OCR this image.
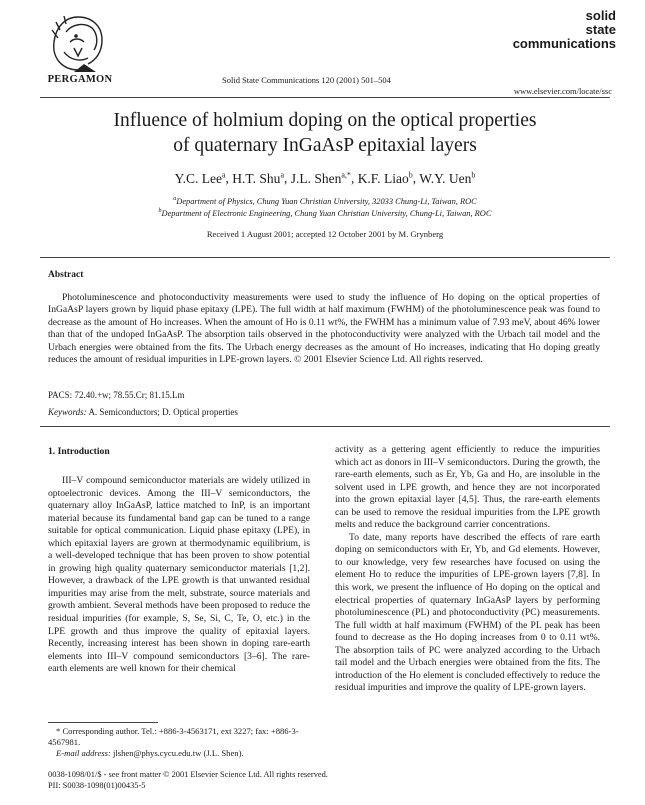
PERGAMON	Solid State Communications 120 (2001) 501–504
solid
state
communications
www.elsevier.com/locate/ssc
Influence of holmium doping on the optical properties
of quaternary InGaAsP epitaxial layers
Y.C. Lee$^a$, H.T. Shu$^a$, J.L. Shen$^{a,*}$, K.F. Liao$^b$, W.Y. Uen$^b$
$^a$Department of Physics, Chung Yuan Christian University, 32033 Chung-Li, Taiwan, ROC
$^b$Department of Electronic Engineering, Chung Yuan Christian University, Chung-Li, Taiwan, ROC
Received 1 August 2001; accepted 12 October 2001 by M. Grynberg
Abstract
Photoluminescence and photoconductivity measurements were used to study the influence of Ho doping on the optical properties of InGaAsP layers grown by liquid phase epitaxy (LPE). The full width at half maximum (FWHM) of the photoluminescence peak was found to decrease as the amount of Ho increases. When the amount of Ho is 0.11 wt%, the FWHM has a minimum value of 7.93 meV, about 46% lower than that of the undoped InGaAsP. The absorption tails observed in the photoconductivity were analyzed with the Urbach tail model and the Urbach energies were obtained from the fits. The Urbach energy decreases as the amount of Ho increases, indicating that Ho doping greatly reduces the amount of residual impurities in LPE-grown layers. © 2001 Elsevier Science Ltd. All rights reserved.
PACS: 72.40.+w; 78.55.Cr; 81.15.Lm
Keywords: A. Semiconductors; D. Optical properties
1. Introduction

III–V compound semiconductor materials are widely utilized in optoelectronic devices. Among the III–V semiconductors, the quaternary alloy InGaAsP, lattice matched to InP, is an important material because its fundamental band gap can be tuned to a range suitable for optical communication. Liquid phase epitaxy (LPE), in which epitaxial layers are grown at thermodynamic equilibrium, is a well-developed technique that has been proven to show potential in growing high quality quaternary semiconductor materials [1,2]. However, a drawback of the LPE growth is that unwanted residual impurities may arise from the melt, substrate, source materials and growth ambient. Several methods have been proposed to reduce the residual impurities (for example, S, Se, Si, C, Te, O, etc.) in the LPE growth and thus improve the quality of epitaxial layers. Recently, increasing interest has been shown in doping rare-earth elements into III–V compound semiconductors [3–6]. The rare-earth elements are well known for their chemical

activity as a gettering agent efficiently to reduce the impurities which act as donors in III–V semiconductors. During the growth, the rare-earth elements, such as Er, Yb, Ga and Ho, are insoluble in the solvent used in LPE growth, and hence they are not incorporated into the grown epitaxial layer [4,5]. Thus, the rare-earth elements can be used to remove the residual impurities from the LPE growth melts and reduce the background carrier concentrations.

To date, many reports have described the effects of rare earth doping on semiconductors with Er, Yb, and Gd elements. However, to our knowledge, very few researches have focused on using the element Ho to reduce the impurities of LPE-grown layers [7,8]. In this work, we present the influence of Ho doping on the optical and electrical properties of quaternary InGaAsP layers by performing photoluminescence (PL) and photoconductivity (PC) measurements. The full width at half maximum (FWHM) of the PL peak has been found to decrease as the Ho doping increases from 0 to 0.11 wt%. The absorption tails of PC were analyzed according to the Urbach tail model and the Urbach energies were obtained from the fits. The introduction of the Ho element is concluded effectively to reduce the residual impurities and improve the quality of LPE-grown layers.

* Corresponding author. Tel.: +886-3-4563171, ext 3227; fax: +886-3-4567981.
E-mail address: jlshen@phys.cycu.edu.tw (J.L. Shen).
0038-1098/01/$ - see front matter © 2001 Elsevier Science Ltd. All rights reserved.
PII: S0038-1098(01)00435-5
